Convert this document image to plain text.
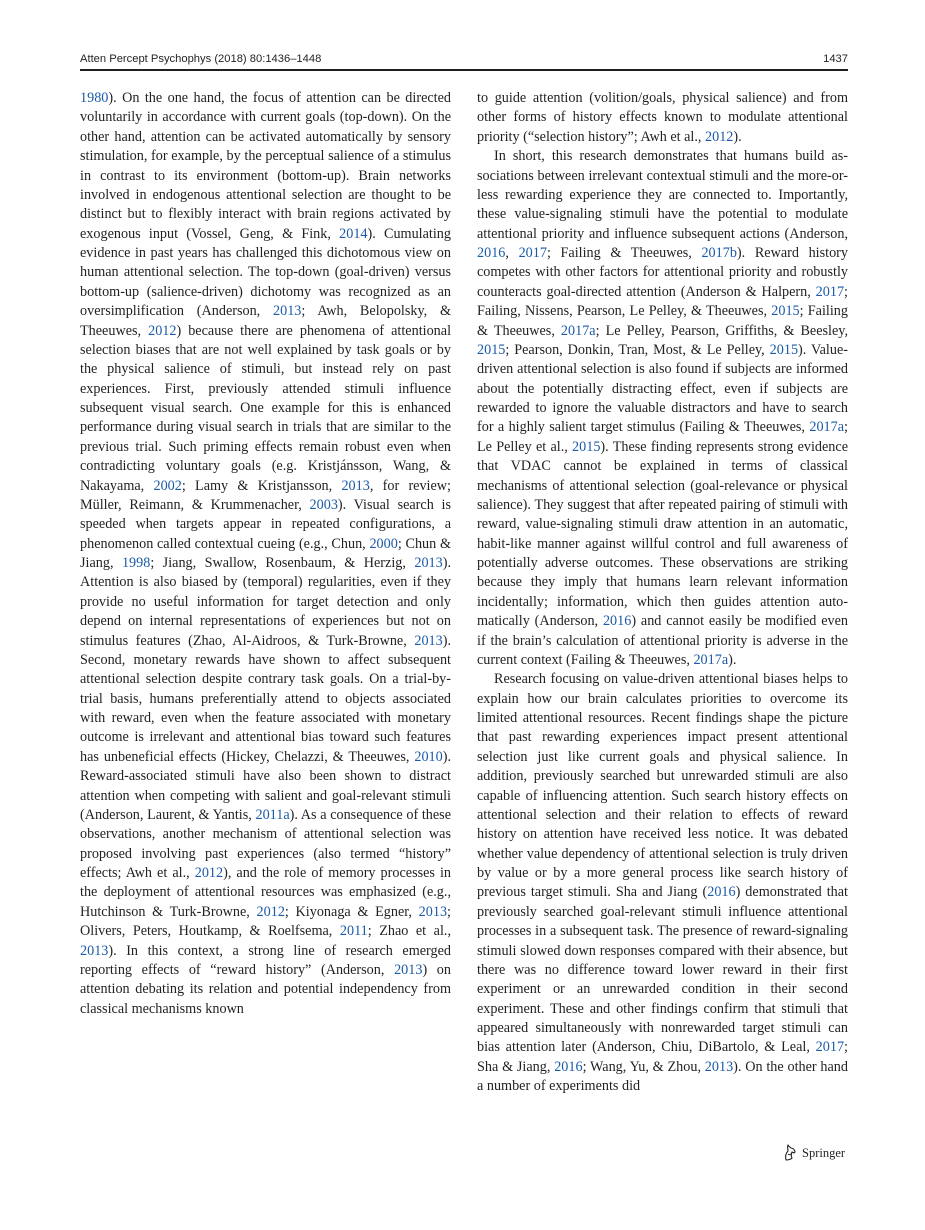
Atten Percept Psychophys (2018) 80:1436–1448	1437

1980). On the one hand, the focus of attention can be directed voluntarily in accordance with current goals (top-down). On the other hand, attention can be activated automatically by sensory stimulation, for example, by the perceptual salience of a stimulus in contrast to its environment (bottom-up). Brain networks involved in endogenous attentional selection are thought to be distinct but to flexibly interact with brain regions activated by exogenous input (Vossel, Geng, & Fink, 2014). Cumulating evidence in past years has challenged this dichotomous view on human attentional selection. The top-down (goal-driven) versus bottom-up (salience-driven) dichotomy was recognized as an oversimplification (Anderson, 2013; Awh, Belopolsky, & Theeuwes, 2012) because there are phenomena of attentional selection biases that are not well explained by task goals or by the physical salience of stimuli, but instead rely on past experiences. First, previously attended stimuli influence subsequent visual search. One example for this is enhanced performance during visual search in trials that are similar to the previous trial. Such priming effects remain robust even when contradicting voluntary goals (e.g. Kristjánsson, Wang, & Nakayama, 2002; Lamy & Kristjansson, 2013, for review; Müller, Reimann, & Krummenacher, 2003). Visual search is speeded when targets appear in repeated configurations, a phenomenon called contextual cueing (e.g., Chun, 2000; Chun & Jiang, 1998; Jiang, Swallow, Rosenbaum, & Herzig, 2013). Attention is also biased by (temporal) regularities, even if they provide no useful information for target detection and only depend on internal representations of experiences but not on stimulus features (Zhao, Al-Aidroos, & Turk-Browne, 2013). Second, monetary rewards have shown to affect subsequent attentional selection despite contrary task goals. On a trial-by-trial basis, humans preferentially attend to objects associated with reward, even when the feature associated with monetary outcome is irrelevant and attentional bias toward such features has unbeneficial effects (Hickey, Chelazzi, & Theeuwes, 2010). Reward-associated stimuli have also been shown to distract attention when competing with salient and goal-relevant stimuli (Anderson, Laurent, & Yantis, 2011a). As a consequence of these observations, another mechanism of attentional selection was proposed involving past experiences (also termed “history” effects; Awh et al., 2012), and the role of memory processes in the deployment of attentional resources was emphasized (e.g., Hutchinson & Turk-Browne, 2012; Kiyonaga & Egner, 2013; Olivers, Peters, Houtkamp, & Roelfsema, 2011; Zhao et al., 2013). In this context, a strong line of research emerged reporting effects of “reward history” (Anderson, 2013) on attention debating its relation and potential independency from classical mechanisms known

to guide attention (volition/goals, physical salience) and from other forms of history effects known to modulate attentional priority (“selection history”; Awh et al., 2012).

In short, this research demonstrates that humans build associations between irrelevant contextual stimuli and the more-or-less rewarding experience they are connected to. Importantly, these value-signaling stimuli have the potential to modulate attentional priority and influence subsequent actions (Anderson, 2016, 2017; Failing & Theeuwes, 2017b). Reward history competes with other factors for attentional priority and robustly counteracts goal-directed attention (Anderson & Halpern, 2017; Failing, Nissens, Pearson, Le Pelley, & Theeuwes, 2015; Failing & Theeuwes, 2017a; Le Pelley, Pearson, Griffiths, & Beesley, 2015; Pearson, Donkin, Tran, Most, & Le Pelley, 2015). Value-driven attentional selection is also found if subjects are informed about the potentially distracting effect, even if subjects are rewarded to ignore the valuable distractors and have to search for a highly salient target stimulus (Failing & Theeuwes, 2017a; Le Pelley et al., 2015). These finding represents strong evidence that VDAC cannot be explained in terms of classical mechanisms of attentional selection (goal-relevance or physical salience). They suggest that after repeated pairing of stimuli with reward, value-signaling stimuli draw attention in an automatic, habit-like manner against willful control and full awareness of potentially adverse outcomes. These observations are striking because they imply that humans learn relevant information incidentally; information, which then guides attention automatically (Anderson, 2016) and cannot easily be modified even if the brain’s calculation of attentional priority is adverse in the current context (Failing & Theeuwes, 2017a).

Research focusing on value-driven attentional biases helps to explain how our brain calculates priorities to overcome its limited attentional resources. Recent findings shape the picture that past rewarding experiences impact present attentional selection just like current goals and physical salience. In addition, previously searched but unrewarded stimuli are also capable of influencing attention. Such search history effects on attentional selection and their relation to effects of reward history on attention have received less notice. It was debated whether value dependency of attentional selection is truly driven by value or by a more general process like search history of previous target stimuli. Sha and Jiang (2016) demonstrated that previously searched goal-relevant stimuli influence attentional processes in a subsequent task. The presence of reward-signaling stimuli slowed down responses compared with their absence, but there was no difference toward lower reward in their first experiment or an unrewarded condition in their second experiment. These and other findings confirm that stimuli that appeared simultaneously with nonrewarded target stimuli can bias attention later (Anderson, Chiu, DiBartolo, & Leal, 2017; Sha & Jiang, 2016; Wang, Yu, & Zhou, 2013). On the other hand a number of experiments did

Springer
